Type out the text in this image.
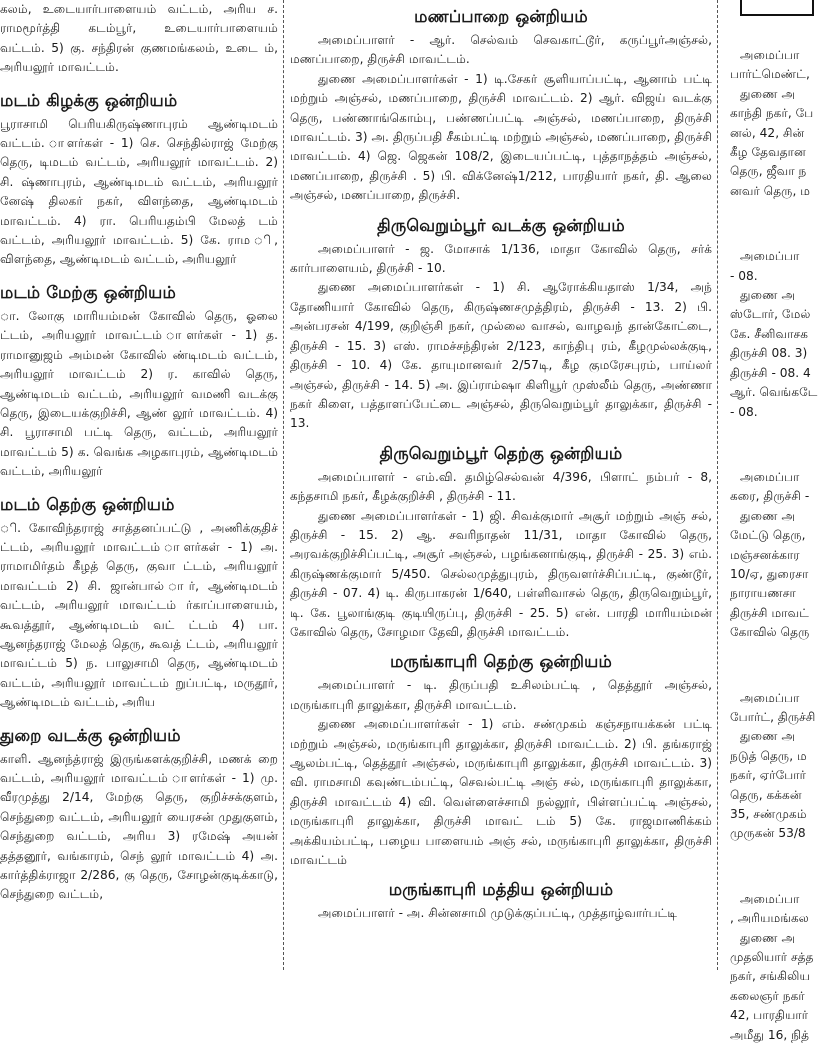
கலம், உடையார்பாளையம் வட்டம், அரிய ச. ராமமூர்த்தி கடம்பூர், உடையார்பாளையம் வட்டம். 5) கு. சந்திரன் குணமங்கலம், உடை ம், அரியலூர் மாவட்டம்.

மடம் கிழக்கு ஒன்றியம்

பூராசாமி பெரியகிருஷ்ணாபுரம் ஆண்டிமடம் வட்டம். ாளர்கள் - 1) செ. செந்தில்ராஜ் மேற்கு தெரு, டிமடம் வட்டம், அரியலூர் மாவட்டம். 2) சி. ஷ்ணாபுரம், ஆண்டிமடம் வட்டம், அரியலூர் னேஷ் திலகர் நகர், விளந்தை, ஆண்டிமடம் மாவட்டம். 4) ரா. பெரியதம்பி மேலத் டம் வட்டம், அரியலூர் மாவட்டம். 5) கே. ராம ி, விளந்தை, ஆண்டிமடம் வட்டம், அரியலூர்

மடம் மேற்கு ஒன்றியம்

ா. லோகு மாரியம்மன் கோவில் தெரு, ஓலை ட்டம், அரியலூர் மாவட்டம் ாளர்கள் - 1) த. ராமானுஜம் அம்மன் கோவில் ண்டிமடம் வட்டம், அரியலூர் மாவட்டம் 2) ர. காவில் தெரு, ஆண்டிமடம் வட்டம், அரியலூர் வமணி வடக்கு தெரு, இடையக்குறிச்சி, ஆண் லூர் மாவட்டம். 4) சி. பூராசாமி பட்டி தெரு, வட்டம், அரியலூர் மாவட்டம் 5) க. வெங்க அழகாபுரம், ஆண்டிமடம் வட்டம், அரியலூர்

மடம் தெற்கு ஒன்றியம்

ி. கோவிந்தராஜ் சாத்தனப்பட்டு , அணிக்குதிச் ட்டம், அரியலூர் மாவட்டம் ாளர்கள் - 1) அ. ராமாமிர்தம் கீழத் தெரு, குவா ட்டம், அரியலூர் மாவட்டம் 2) சி. ஜான்பால் ார், ஆண்டிமடம் வட்டம், அரியலூர் மாவட்டம் ர்காப்பாளையம், கூவத்தூர், ஆண்டிமடம் வட் ட்டம் 4) பா. ஆனந்தராஜ் மேலத் தெரு, கூவத் ட்டம், அரியலூர் மாவட்டம் 5) ந. பாலுசாமி தெரு, ஆண்டிமடம் வட்டம், அரியலூர் மாவட்டம் றுப்பட்டி, மருதூர், ஆண்டிமடம் வட்டம், அரிய

துறை வடக்கு ஒன்றியம்

காளி. ஆனந்த்ராஜ் இருங்களக்குறிச்சி, மணக் றை வட்டம், அரியலூர் மாவட்டம் ாளர்கள் - 1) மு. வீரமுத்து 2/14, மேற்கு தெரு, குறிச்சக்குளம், செந்துறை வட்டம், அரியலூர் யைரசன் முதுகுளம், செந்துறை வட்டம், அரிய 3) ரமேஷ் அயன் தத்தனூர், வங்காரம், செந் லூர் மாவட்டம் 4) அ. கார்த்திக்ராஜா 2/286, கு தெரு, சோழன்குடிக்காடு, செந்துறை வட்டம்,

மணப்பாறை ஒன்றியம்

அமைப்பாளர் - ஆர். செல்வம் செவகாட்டூர், கருப்பூர்அஞ்சல், மணப்பாறை, திருச்சி மாவட்டம்.

துணை அமைப்பாளர்கள் - 1) டி.சேகர் சூளியாப்பட்டி, ஆனாம் பட்டி மற்றும் அஞ்சல், மணப்பாறை, திருச்சி மாவட்டம். 2) ஆர். விஜய் வடக்கு தெரு, பண்ணாங்கொம்பு, பண்ணப்பட்டி அஞ்சல், மணப்பாறை, திருச்சி மாவட்டம். 3) அ. திருப்பதி சீகம்பட்டி மற்றும் அஞ்சல், மணப்பாறை, திருச்சி மாவட்டம். 4) ஜெ. ஜெகன் 108/2, இடையப்பட்டி, புத்தாநத்தம் அஞ்சல், மணப்பாறை, திருச்சி . 5) பி. விக்னேஷ்1/212, பாரதியார் நகர், தி. ஆலை அஞ்சல், மணப்பாறை, திருச்சி.

திருவெறும்பூர் வடக்கு ஒன்றியம்

அமைப்பாளர் - ஜ. மோசாக் 1/136, மாதா கோவில் தெரு, சர்க் கார்பாளையம், திருச்சி - 10.

துணை அமைப்பாளர்கள் - 1) சி. ஆரோக்கியதாஸ் 1/34, அந் தோணியார் கோவில் தெரு, கிருஷ்ணசமுத்திரம், திருச்சி - 13. 2) பி. அன்பரசன் 4/199, குறிஞ்சி நகர், முல்லை வாசல், வாழவந் தான்கோட்டை, திருச்சி - 15. 3) எஸ். ராமச்சந்திரன் 2/123, காந்திபு ரம், கீழமுல்லக்குடி, திருச்சி - 10. 4) கே. தாயுமானவர் 2/57டி, கீழ குமரேசபுரம், பாய்லர் அஞ்சல், திருச்சி - 14. 5) அ. இப்ராம்ஷா கிளியூர் முஸ்லீம் தெரு, அண்ணா நகர் கிளை, பத்தாளப்பேட்டை அஞ்சல், திருவெறும்பூர் தாலுக்கா, திருச்சி - 13.

திருவெறும்பூர் தெற்கு ஒன்றியம்

அமைப்பாளர் - எம்.வி. தமிழ்செல்வன் 4/396, பிளாட் நம்பர் - 8, கந்தசாமி நகர், கீழக்குறிச்சி , திருச்சி - 11.

துணை அமைப்பாளர்கள் - 1) ஜி. சிவக்குமார் அசூர் மற்றும் அஞ் சல், திருச்சி - 15. 2) ஆ. சவரிநாதன் 11/31, மாதா கோவில் தெரு, அரவக்குறிச்சிப்பட்டி, அசூர் அஞ்சல், பழங்கனாங்குடி, திருச்சி - 25. 3) எம். கிருஷ்ணக்குமார் 5/450. செல்லமுத்துபுரம், திருவளர்ச்சிப்பட்டி, குண்டூர், திருச்சி - 07. 4) டி. கிருபாகரன் 1/640, பள்ளிவாசல் தெரு, திருவெறும்பூர், டி. கே. பூலாங்குடி குடியிருப்பு, திருச்சி - 25. 5) என். பாரதி மாரியம்மன் கோவில் தெரு, சோழமா தேவி, திருச்சி மாவட்டம்.

மருங்காபுரி தெற்கு ஒன்றியம்

அமைப்பாளர் - டி. திருப்பதி உசிலம்பட்டி , தெத்தூர் அஞ்சல், மருங்காபுரி தாலுக்கா, திருச்சி மாவட்டம்.

துணை அமைப்பாளர்கள் - 1) எம். சண்முகம் கஞ்சநாயக்கன் பட்டி மற்றும் அஞ்சல், மருங்காபுரி தாலுக்கா, திருச்சி மாவட்டம். 2) பி. தங்கராஜ் ஆலம்பட்டி, தெத்தூர் அஞ்சல், மருங்காபுரி தாலுக்கா, திருச்சி மாவட்டம். 3) வி. ராமசாமி கவுண்டம்பட்டி, செவல்பட்டி அஞ் சல், மருங்காபுரி தாலுக்கா, திருச்சி மாவட்டம் 4) வி. வெள்ளைச்சாமி நல்லூர், பிள்ளப்பட்டி அஞ்சல், மருங்காபுரி தாலுக்கா, திருச்சி மாவட் டம் 5) கே. ராஜமாணிக்கம் அக்கியம்பட்டி, பழைய பாளையம் அஞ் சல், மருங்காபுரி தாலுக்கா, திருச்சி மாவட்டம்

மருங்காபுரி மத்திய ஒன்றியம்

அமைப்பாளர் - அ. சின்னசாமி முடுக்குப்பட்டி, முத்தாழ்வார்பட்டி

அமைப்பா

பார்ட்மெண்ட்,

துணை அ

காந்தி நகர், பே

னல், 42, சின்

கீழ தேவதான

தெரு, ஜீவா ந

னவர் தெரு, ம

அமைப்பா

- 08.

துணை அ

ஸ்டோர், மேல்

கே. சீனிவாசக

திருச்சி 08. 3)

திருச்சி - 08. 4

ஆர். வெங்கடே

- 08.

அமைப்பா

கரை, திருச்சி -

துணை அ

மேட்டு தெரு,

மஞ்சனக்கார

10/ஏ, துரைசா

நாராயணசா

திருச்சி மாவட்

கோவில் தெரு

அமைப்பா

போர்ட், திருச்சி

துணை அ

நடுத் தெரு, ம

நகர், ஏர்போர்

தெரு, கக்கன்

35, சண்முகம்

முருகன் 53/8

அமைப்பா

, அரியமங்கல

துணை அ

முதலியார் சத்த

நகர், சங்கிலிய

கலைஞர் நகர்

42, பாரதியார்

அமீது 16, நித்
